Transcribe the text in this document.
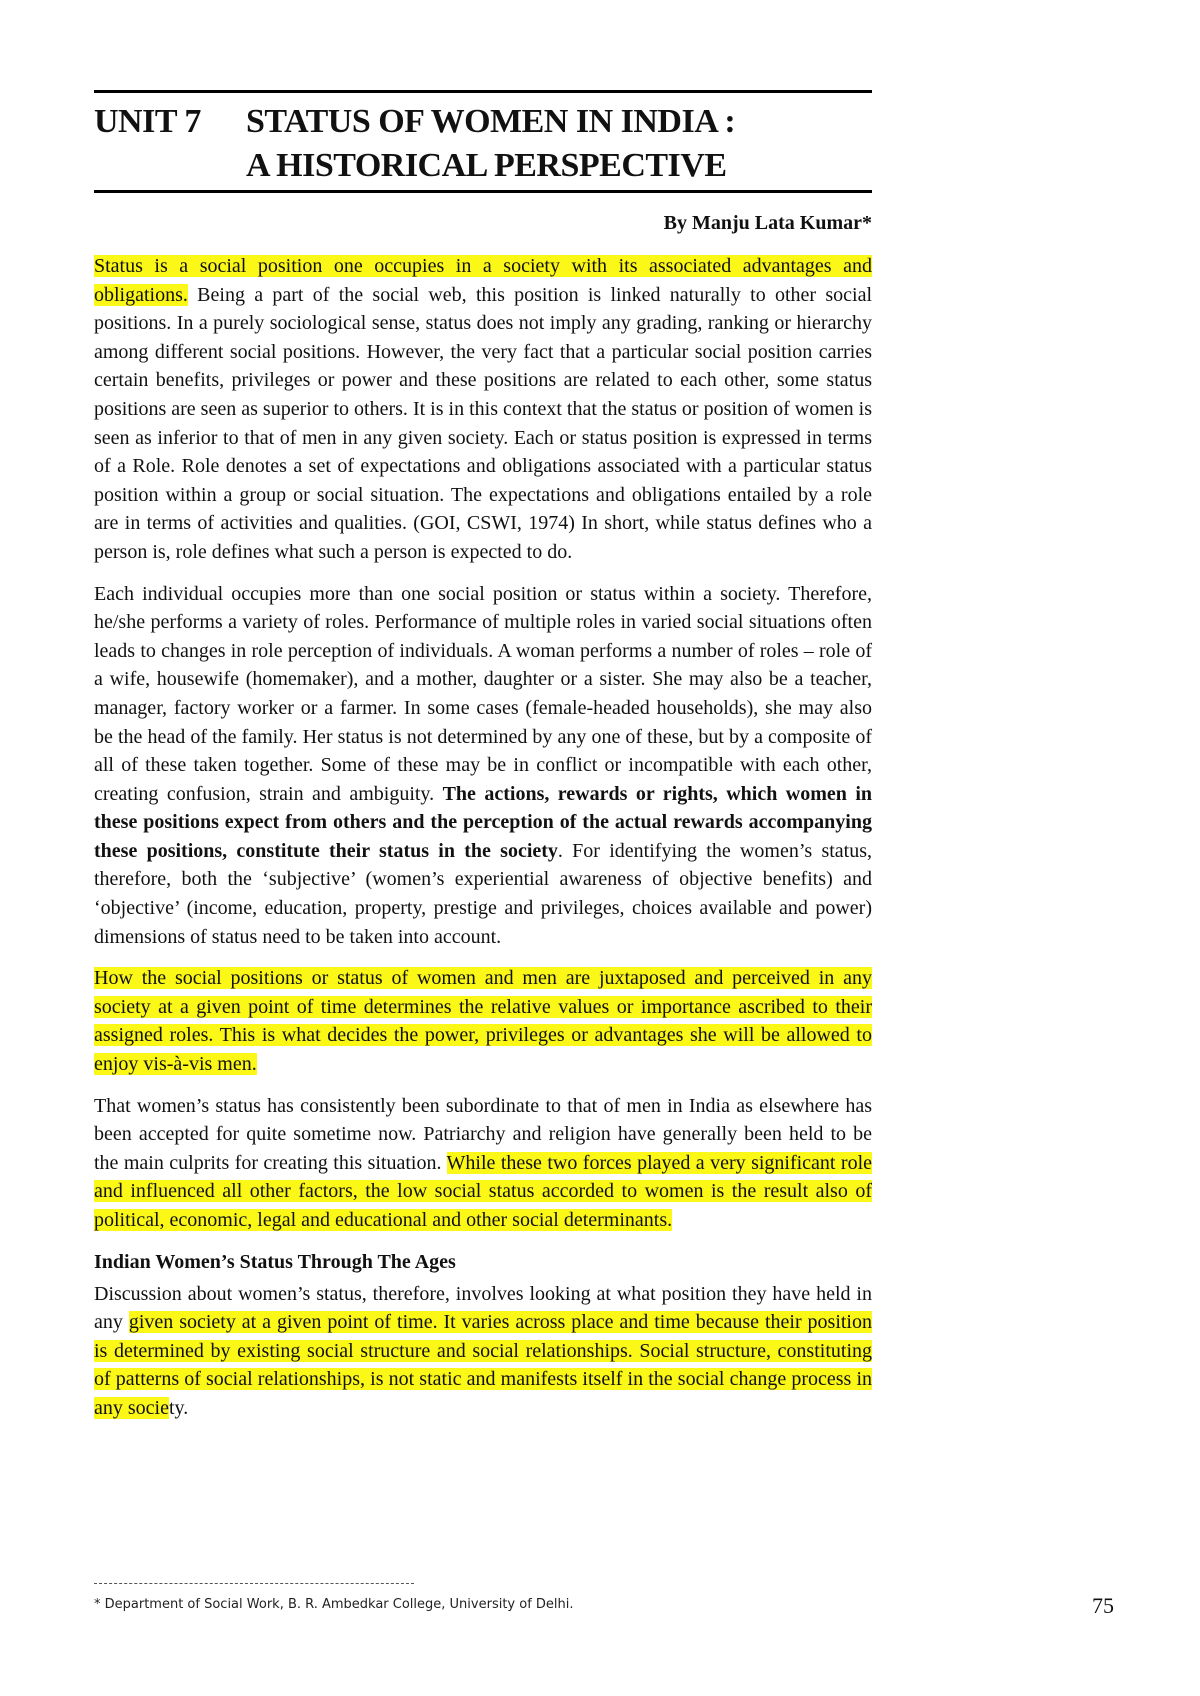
UNIT 7 STATUS OF WOMEN IN INDIA :
A HISTORICAL PERSPECTIVE
By Manju Lata Kumar*

Status is a social position one occupies in a society with its associated advantages and obligations. Being a part of the social web, this position is linked naturally to other social positions. In a purely sociological sense, status does not imply any grading, ranking or hierarchy among different social positions. However, the very fact that a particular social position carries certain benefits, privileges or power and these positions are related to each other, some status positions are seen as superior to others. It is in this context that the status or position of women is seen as inferior to that of men in any given society. Each or status position is expressed in terms of a Role. Role denotes a set of expectations and obligations associated with a particular status position within a group or social situation. The expectations and obligations entailed by a role are in terms of activities and qualities. (GOI, CSWI, 1974) In short, while status defines who a person is, role defines what such a person is expected to do.

Each individual occupies more than one social position or status within a society. Therefore, he/she performs a variety of roles. Performance of multiple roles in varied social situations often leads to changes in role perception of individuals. A woman performs a number of roles – role of a wife, housewife (homemaker), and a mother, daughter or a sister. She may also be a teacher, manager, factory worker or a farmer. In some cases (female-headed households), she may also be the head of the family. Her status is not determined by any one of these, but by a composite of all of these taken together. Some of these may be in conflict or incompatible with each other, creating confusion, strain and ambiguity. The actions, rewards or rights, which women in these positions expect from others and the perception of the actual rewards accompanying these positions, constitute their status in the society. For identifying the women’s status, therefore, both the ‘subjective’ (women’s experiential awareness of objective benefits) and ‘objective’ (income, education, property, prestige and privileges, choices available and power) dimensions of status need to be taken into account.

How the social positions or status of women and men are juxtaposed and perceived in any society at a given point of time determines the relative values or importance ascribed to their assigned roles. This is what decides the power, privileges or advantages she will be allowed to enjoy vis-à-vis men.

That women’s status has consistently been subordinate to that of men in India as elsewhere has been accepted for quite sometime now. Patriarchy and religion have generally been held to be the main culprits for creating this situation. While these two forces played a very significant role and influenced all other factors, the low social status accorded to women is the result also of political, economic, legal and educational and other social determinants.

Indian Women’s Status Through The Ages

Discussion about women’s status, therefore, involves looking at what position they have held in any given society at a given point of time. It varies across place and time because their position is determined by existing social structure and social relationships. Social structure, constituting of patterns of social relationships, is not static and manifests itself in the social change process in any society.

* Department of Social Work, B. R. Ambedkar College, University of Delhi.	75
